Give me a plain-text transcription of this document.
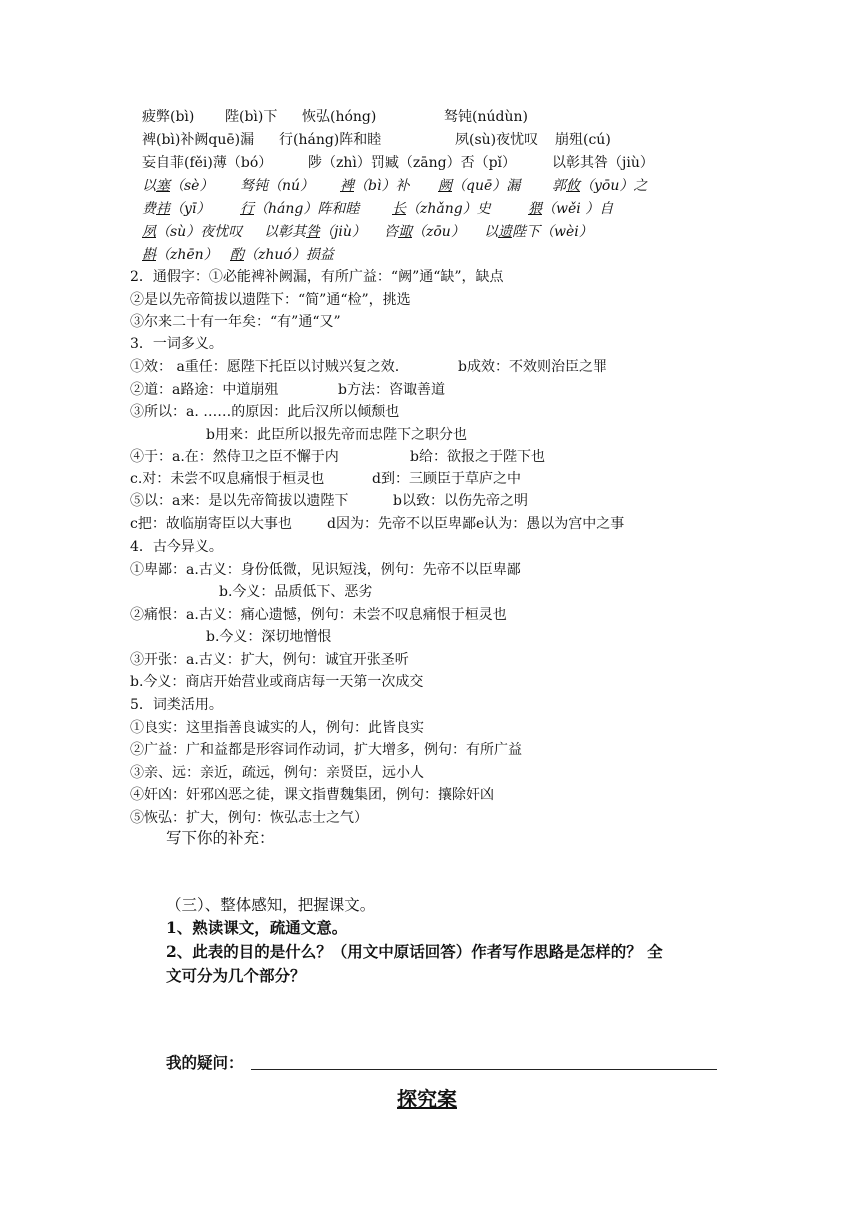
疲弊(bì) 陛(bì)下 恢弘(hóng)	驽钝(núdùn)
裨(bì)补阙quē)漏 行(háng)阵和睦	夙(sù)夜忧叹 崩殂(cú)
妄自菲(fěi)薄（bó）	陟（zhì）罚臧（zāng）否（pǐ）	以彰其咎（jiù）
以塞（sè） 驽钝（nú） 裨（bì）补 阙（quē）漏 郭攸（yōu）之
费祎（yī） 行（háng）阵和睦 长（zhǎng）史	猥（wěi ）自
夙（sù）夜忧叹 以彰其咎（jiù） 咨诹（zōu） 以遗陛下（wèi）
斟（zhēn） 酌（zhuó）损益
2．通假字：①必能裨补阙漏，有所广益：“阙”通“缺”，缺点
②是以先帝简拔以遗陛下：“简”通“检”，挑选
③尔来二十有一年矣：“有”通“又”
3．一词多义。
①效： a重任：愿陛下托臣以讨贼兴复之效.	b成效：不效则治臣之罪
②道：a路途：中道崩殂	b方法：咨诹善道
③所以：a. ……的原因：此后汉所以倾颓也
b用来：此臣所以报先帝而忠陛下之职分也
④于：a.在：然侍卫之臣不懈于内	b给：欲报之于陛下也
c.对：未尝不叹息痛恨于桓灵也	d到：三顾臣于草庐之中
⑤以：a来：是以先帝简拔以遗陛下	b以致：以伤先帝之明
c把：故临崩寄臣以大事也	d因为：先帝不以臣卑鄙e认为：愚以为宫中之事
4．古今异义。
①卑鄙：a.古义：身份低微，见识短浅，例句：先帝不以臣卑鄙
b.今义：品质低下、恶劣
②痛恨：a.古义：痛心遗憾，例句：未尝不叹息痛恨于桓灵也
b.今义：深切地憎恨
③开张：a.古义：扩大，例句：诚宜开张圣听
b.今义：商店开始营业或商店每一天第一次成交
5．词类活用。
①良实：这里指善良诚实的人，例句：此皆良实
②广益：广和益都是形容词作动词，扩大增多，例句：有所广益
③亲、远：亲近，疏远，例句：亲贤臣，远小人
④奸凶：奸邪凶恶之徒，课文指曹魏集团，例句：攘除奸凶
⑤恢弘：扩大，例句：恢弘志士之气）
写下你的补充：
（三）、整体感知，把握课文。
1、熟读课文，疏通文意。
2、此表的目的是什么？（用文中原话回答）作者写作思路是怎样的？ 全
文可分为几个部分？
我的疑问：
探究案
